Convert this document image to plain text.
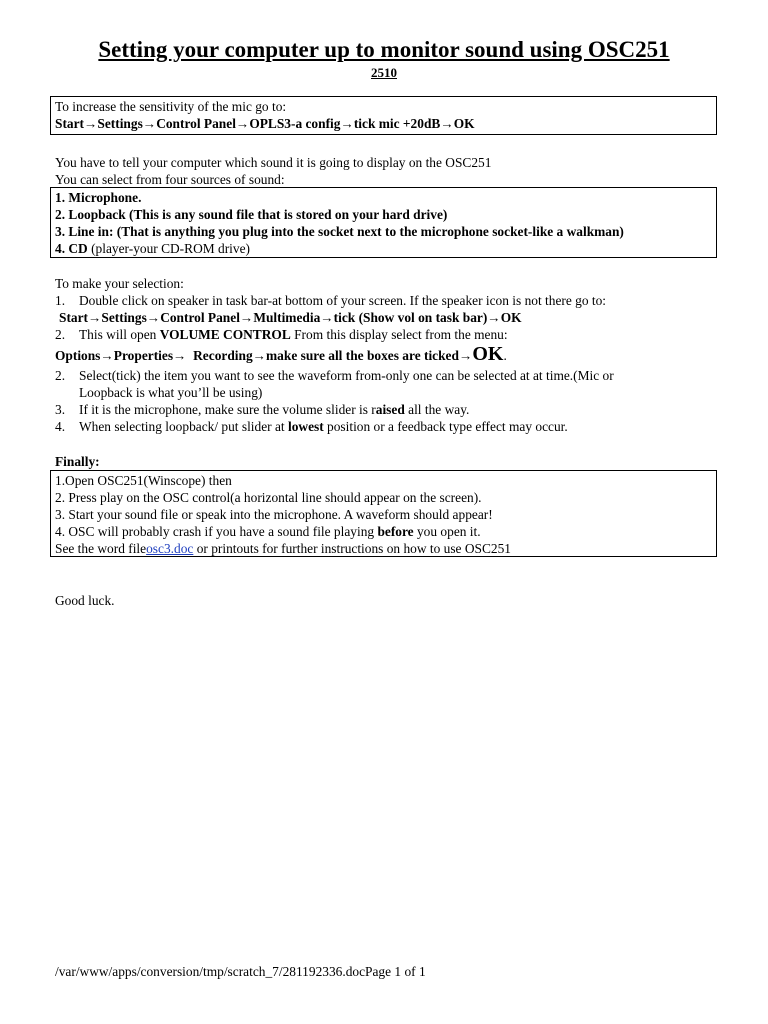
Setting your computer up to monitor sound using OSC251
2510
To increase the sensitivity of the mic go to:
Start→Settings→Control Panel→OPLS3-a config→tick mic +20dB→OK
You have to tell your computer which sound it is going to display on the OSC251
You can select from four sources of sound:
1. Microphone.
2. Loopback (This is any sound file that is stored on your hard drive)
3. Line in: (That is anything you plug into the socket next to the microphone socket-like a walkman)
4. CD (player-your CD-ROM drive)
To make your selection:
1. Double click on speaker in task bar-at bottom of your screen. If the speaker icon is not there go to:
Start→Settings→Control Panel→Multimedia→tick (Show vol on task bar)→OK
2. This will open VOLUME CONTROL From this display select from the menu:
Options→Properties→  Recording→make sure all the boxes are ticked→OK.
2. Select(tick) the item you want to see the waveform from-only one can be selected at at time.(Mic or
Loopback is what you’ll be using)
3. If it is the microphone, make sure the volume slider is raised all the way.
4. When selecting loopback/ put slider at lowest position or a feedback type effect may occur.
Finally:
1.Open OSC251(Winscope) then
2. Press play on the OSC control(a horizontal line should appear on the screen).
3. Start your sound file or speak into the microphone. A waveform should appear!
4. OSC will probably crash if you have a sound file playing before you open it.
See the word fileosc3.doc or printouts for further instructions on how to use OSC251
Good luck.
/var/www/apps/conversion/tmp/scratch_7/281192336.docPage 1 of 1
